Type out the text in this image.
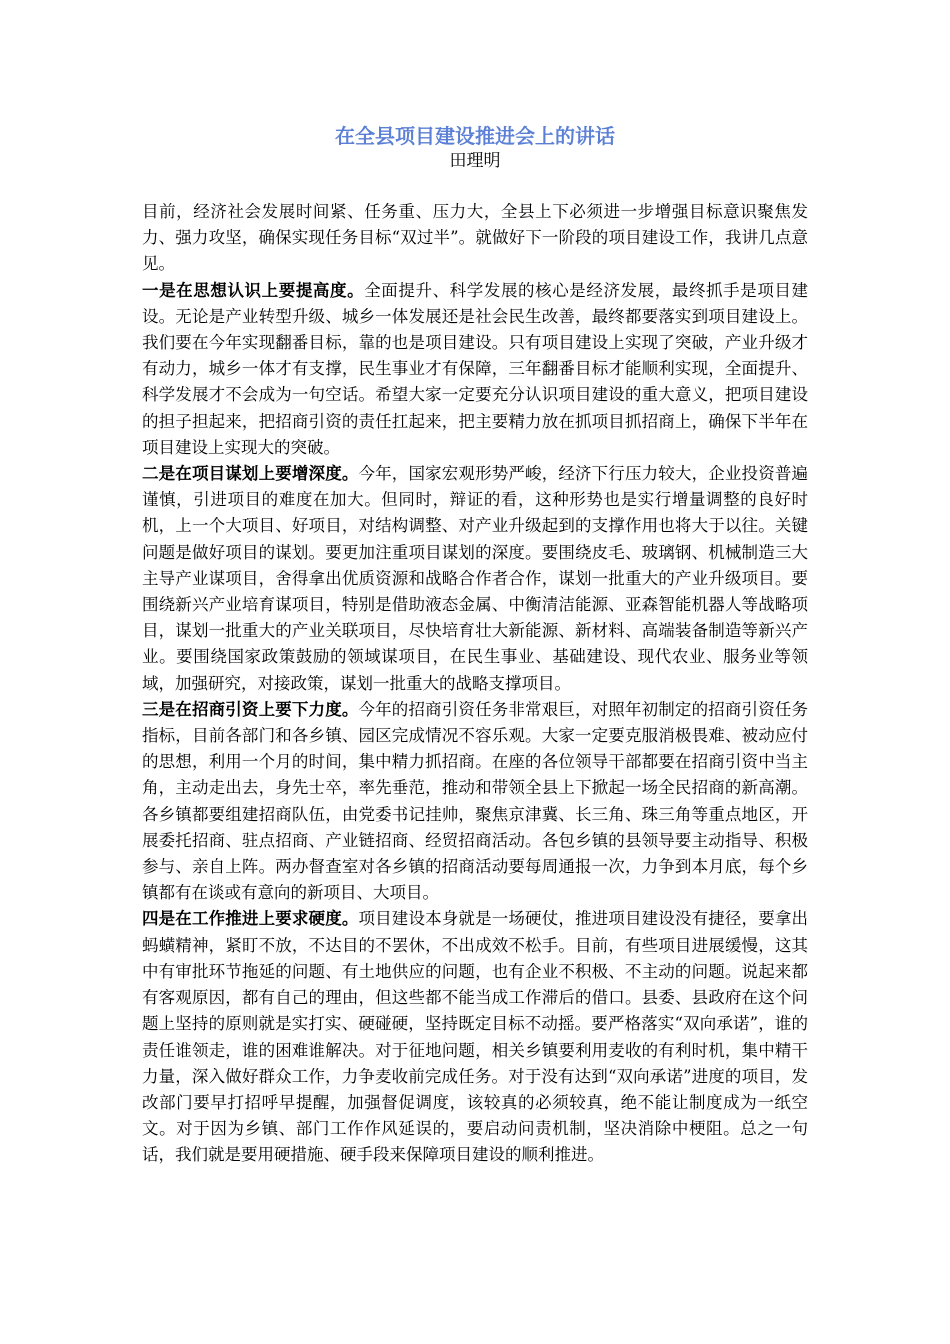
在全县项目建设推进会上的讲话
田理明

目前，经济社会发展时间紧、任务重、压力大，全县上下必须进一步增强目标意识聚焦发力、强力攻坚，确保实现任务目标“双过半”。就做好下一阶段的项目建设工作，我讲几点意见。

一是在思想认识上要提高度。全面提升、科学发展的核心是经济发展，最终抓手是项目建设。无论是产业转型升级、城乡一体发展还是社会民生改善，最终都要落实到项目建设上。我们要在今年实现翻番目标，靠的也是项目建设。只有项目建设上实现了突破，产业升级才有动力，城乡一体才有支撑，民生事业才有保障，三年翻番目标才能顺利实现，全面提升、科学发展才不会成为一句空话。希望大家一定要充分认识项目建设的重大意义，把项目建设的担子担起来，把招商引资的责任扛起来，把主要精力放在抓项目抓招商上，确保下半年在项目建设上实现大的突破。

二是在项目谋划上要增深度。今年，国家宏观形势严峻，经济下行压力较大，企业投资普遍谨慎，引进项目的难度在加大。但同时，辩证的看，这种形势也是实行增量调整的良好时机，上一个大项目、好项目，对结构调整、对产业升级起到的支撑作用也将大于以往。关键问题是做好项目的谋划。要更加注重项目谋划的深度。要围绕皮毛、玻璃钢、机械制造三大主导产业谋项目，舍得拿出优质资源和战略合作者合作，谋划一批重大的产业升级项目。要围绕新兴产业培育谋项目，特别是借助液态金属、中衡清洁能源、亚森智能机器人等战略项目，谋划一批重大的产业关联项目，尽快培育壮大新能源、新材料、高端装备制造等新兴产业。要围绕国家政策鼓励的领域谋项目，在民生事业、基础建设、现代农业、服务业等领域，加强研究，对接政策，谋划一批重大的战略支撑项目。

三是在招商引资上要下力度。今年的招商引资任务非常艰巨，对照年初制定的招商引资任务指标，目前各部门和各乡镇、园区完成情况不容乐观。大家一定要克服消极畏难、被动应付的思想，利用一个月的时间，集中精力抓招商。在座的各位领导干部都要在招商引资中当主角，主动走出去，身先士卒，率先垂范，推动和带领全县上下掀起一场全民招商的新高潮。各乡镇都要组建招商队伍，由党委书记挂帅，聚焦京津冀、长三角、珠三角等重点地区，开展委托招商、驻点招商、产业链招商、经贸招商活动。各包乡镇的县领导要主动指导、积极参与、亲自上阵。两办督查室对各乡镇的招商活动要每周通报一次，力争到本月底，每个乡镇都有在谈或有意向的新项目、大项目。

四是在工作推进上要求硬度。项目建设本身就是一场硬仗，推进项目建设没有捷径，要拿出蚂蟥精神，紧盯不放，不达目的不罢休，不出成效不松手。目前，有些项目进展缓慢，这其中有审批环节拖延的问题、有土地供应的问题，也有企业不积极、不主动的问题。说起来都有客观原因，都有自己的理由，但这些都不能当成工作滞后的借口。县委、县政府在这个问题上坚持的原则就是实打实、硬碰硬，坚持既定目标不动摇。要严格落实“双向承诺”，谁的责任谁领走，谁的困难谁解决。对于征地问题，相关乡镇要利用麦收的有利时机，集中精干力量，深入做好群众工作，力争麦收前完成任务。对于没有达到“双向承诺”进度的项目，发改部门要早打招呼早提醒，加强督促调度，该较真的必须较真，绝不能让制度成为一纸空文。对于因为乡镇、部门工作作风延误的，要启动问责机制，坚决消除中梗阻。总之一句话，我们就是要用硬措施、硬手段来保障项目建设的顺利推进。
